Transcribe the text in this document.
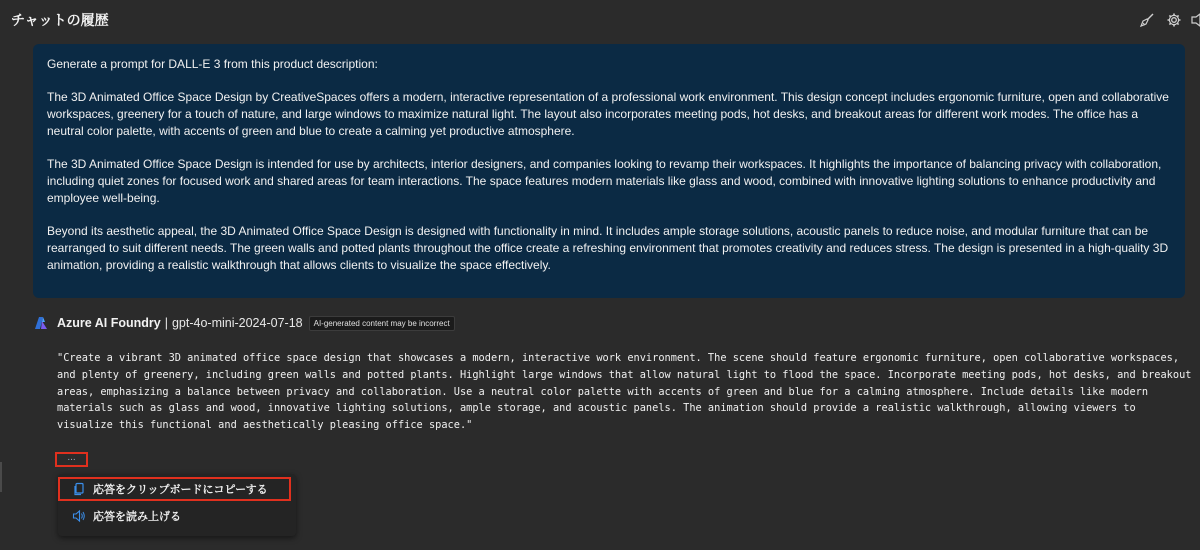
チャットの履歴

Generate a prompt for DALL-E 3 from this product description:

The 3D Animated Office Space Design by CreativeSpaces offers a modern, interactive representation of a professional work environment. This design concept includes ergonomic furniture, open and collaborative workspaces, greenery for a touch of nature, and large windows to maximize natural light. The layout also incorporates meeting pods, hot desks, and breakout areas for different work modes. The office has a neutral color palette, with accents of green and blue to create a calming yet productive atmosphere.

The 3D Animated Office Space Design is intended for use by architects, interior designers, and companies looking to revamp their workspaces. It highlights the importance of balancing privacy with collaboration, including quiet zones for focused work and shared areas for team interactions. The space features modern materials like glass and wood, combined with innovative lighting solutions to enhance productivity and employee well-being.

Beyond its aesthetic appeal, the 3D Animated Office Space Design is designed with functionality in mind. It includes ample storage solutions, acoustic panels to reduce noise, and modular furniture that can be rearranged to suit different needs. The green walls and potted plants throughout the office create a refreshing environment that promotes creativity and reduces stress. The design is presented in a high-quality 3D animation, providing a realistic walkthrough that allows clients to visualize the space effectively.

Azure AI Foundry | gpt-4o-mini-2024-07-18	AI-generated content may be incorrect
"Create a vibrant 3D animated office space design that showcases a modern, interactive work environment. The scene should feature ergonomic furniture, open collaborative workspaces, and plenty of greenery, including green walls and potted plants. Highlight large windows that allow natural light to flood the space. Incorporate meeting pods, hot desks, and breakout areas, emphasizing a balance between privacy and collaboration. Use a neutral color palette with accents of green and blue for a calming atmosphere. Include details like modern materials such as glass and wood, innovative lighting solutions, ample storage, and acoustic panels. The animation should provide a realistic walkthrough, allowing viewers to visualize this functional and aesthetically pleasing office space."
...
応答をクリップボードにコピーする
応答を読み上げる
